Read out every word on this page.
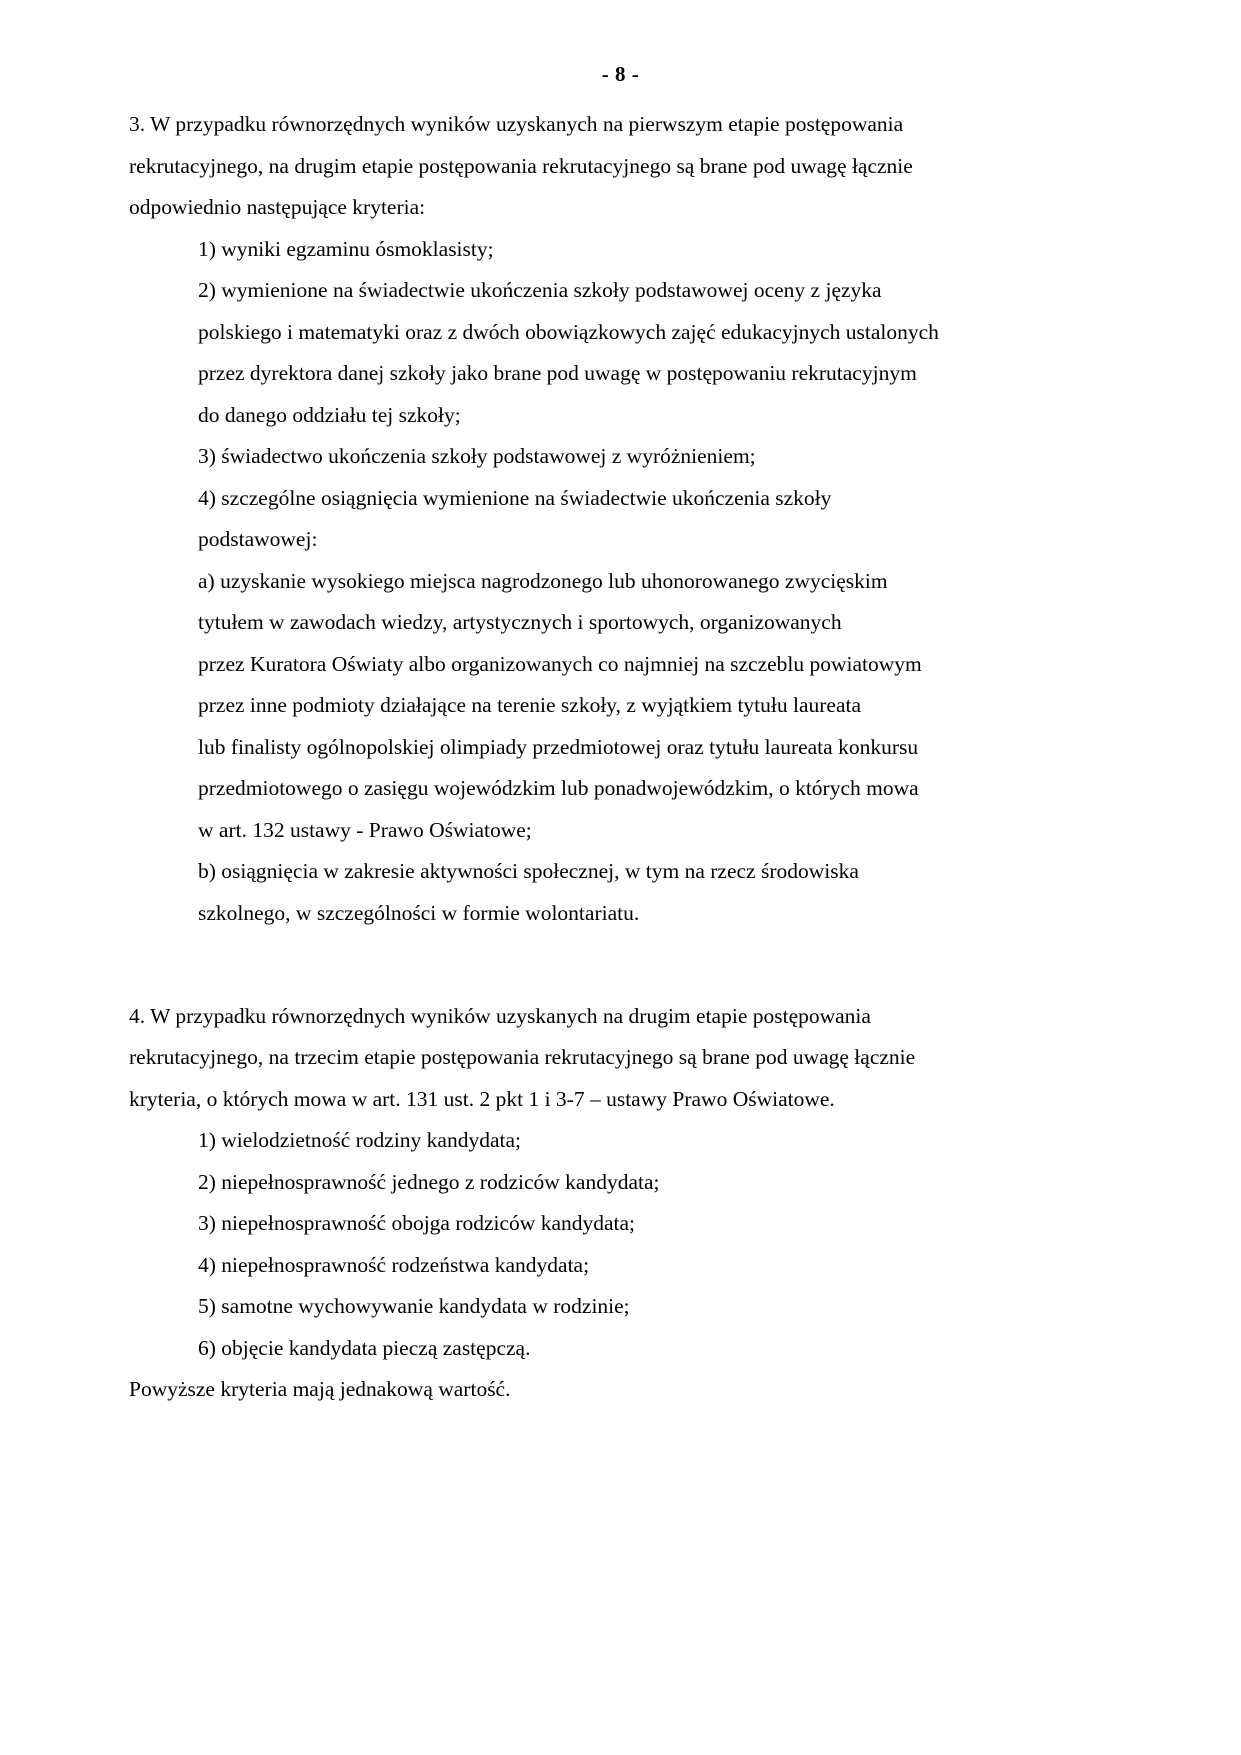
- 8 -

3. W przypadku równorzędnych wyników uzyskanych na pierwszym etapie postępowania

rekrutacyjnego, na drugim etapie postępowania rekrutacyjnego są brane pod uwagę łącznie

odpowiednio następujące kryteria:

1) wyniki egzaminu ósmoklasisty;

2) wymienione na świadectwie ukończenia szkoły podstawowej oceny z języka

polskiego i matematyki oraz z dwóch obowiązkowych zajęć edukacyjnych ustalonych

przez dyrektora danej szkoły jako brane pod uwagę w postępowaniu rekrutacyjnym

do danego oddziału tej szkoły;

3) świadectwo ukończenia szkoły podstawowej z wyróżnieniem;

4) szczególne osiągnięcia wymienione na świadectwie ukończenia szkoły

podstawowej:

a) uzyskanie wysokiego miejsca nagrodzonego lub uhonorowanego zwycięskim

tytułem w zawodach wiedzy, artystycznych i sportowych, organizowanych

przez Kuratora Oświaty albo organizowanych co najmniej na szczeblu powiatowym

przez inne podmioty działające na terenie szkoły, z wyjątkiem tytułu laureata

lub finalisty ogólnopolskiej olimpiady przedmiotowej oraz tytułu laureata konkursu

przedmiotowego o zasięgu wojewódzkim lub ponadwojewódzkim, o których mowa

w art. 132 ustawy - Prawo Oświatowe;

b) osiągnięcia w zakresie aktywności społecznej, w tym na rzecz środowiska

szkolnego, w szczególności w formie wolontariatu.

4. W przypadku równorzędnych wyników uzyskanych na drugim etapie postępowania

rekrutacyjnego, na trzecim etapie postępowania rekrutacyjnego są brane pod uwagę łącznie

kryteria, o których mowa w art. 131 ust. 2 pkt 1 i 3-7 – ustawy Prawo Oświatowe.

1) wielodzietność rodziny kandydata;

2) niepełnosprawność jednego z rodziców kandydata;

3) niepełnosprawność obojga rodziców kandydata;

4) niepełnosprawność rodzeństwa kandydata;

5) samotne wychowywanie kandydata w rodzinie;

6) objęcie kandydata pieczą zastępczą.

Powyższe kryteria mają jednakową wartość.
